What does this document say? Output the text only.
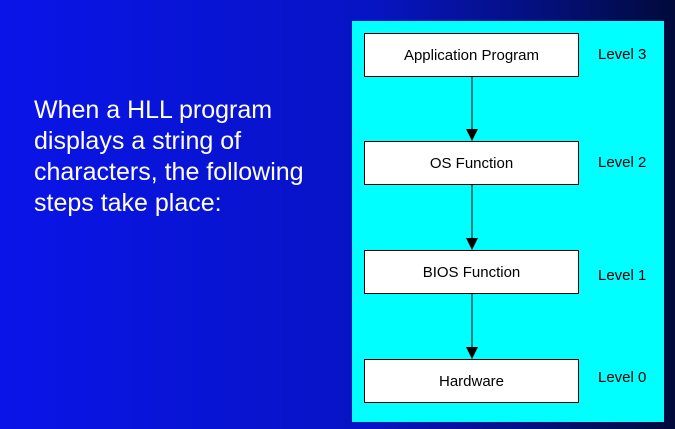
When a HLL program displays a string of characters, the following steps take place:
Application Program	Level 3
OS Function	Level 2
BIOS Function	Level 1
Hardware	Level 0
